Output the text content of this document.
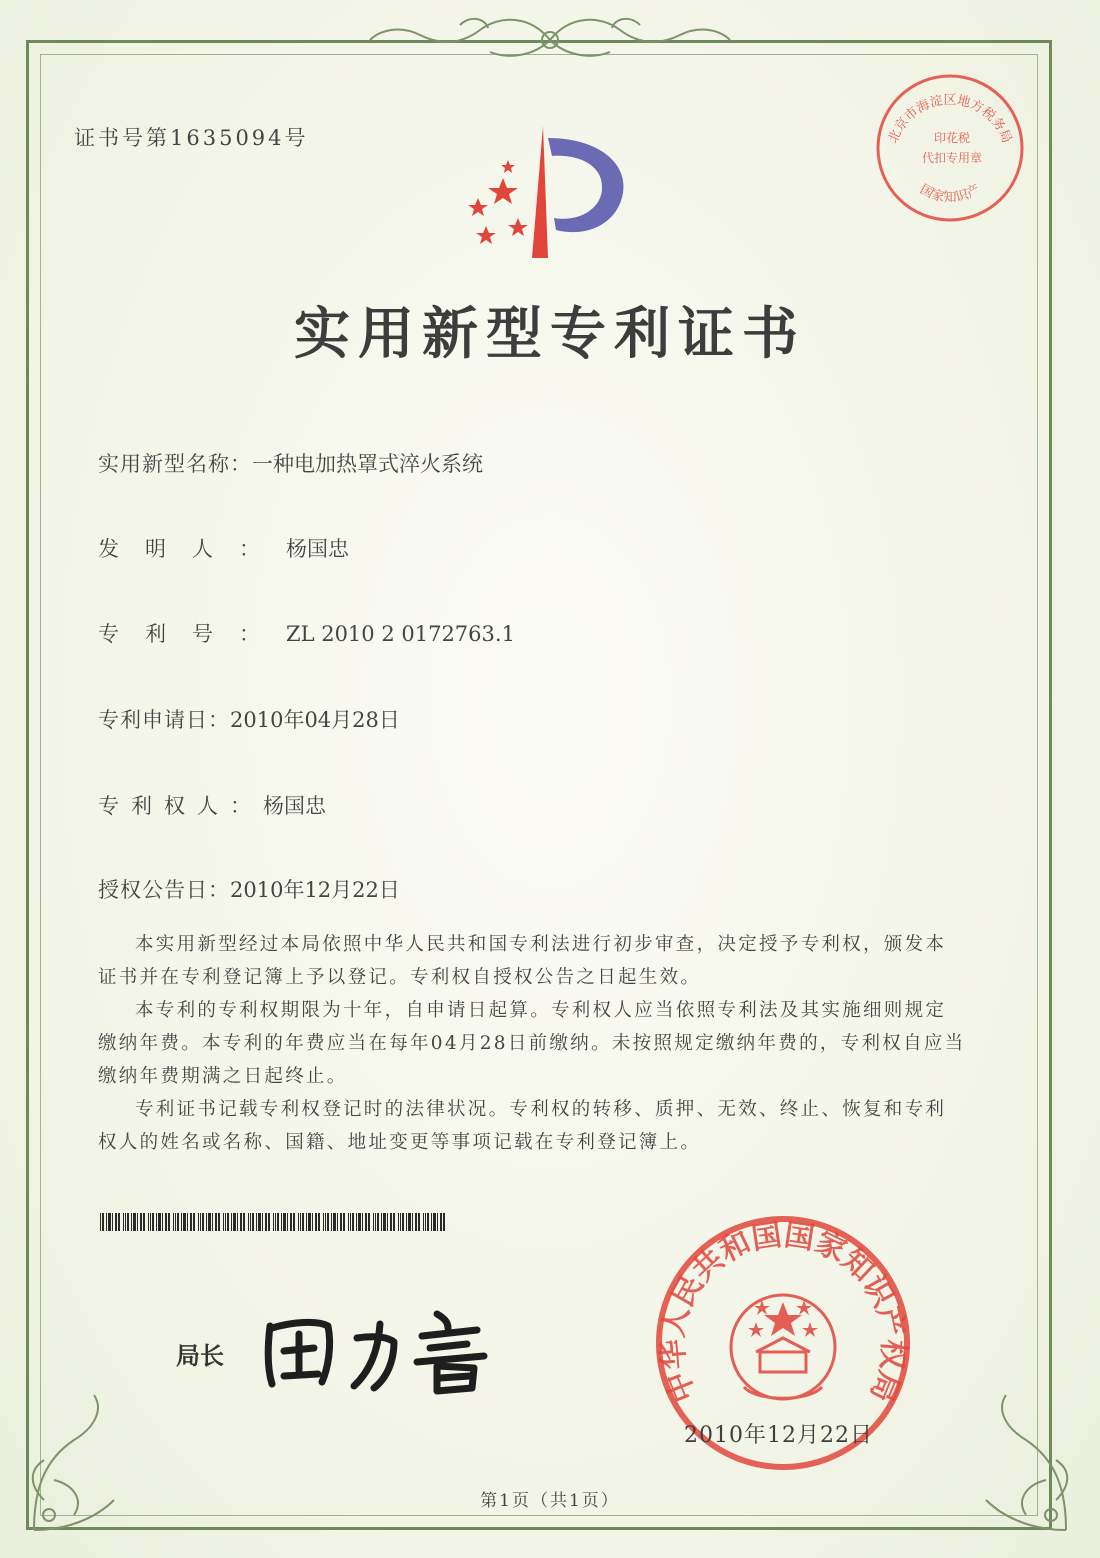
证书号第1635094号	北京市海淀区地方税务局
国家知识产
印花税
代扣专用章
实用新型专利证书
实用新型名称：一种电加热罩式淬火系统
发明人：杨国忠
专利号：ZL 2010 2 0172763.1
专利申请日：2010年04月28日
专利权人：杨国忠
授权公告日：2010年12月22日

本实用新型经过本局依照中华人民共和国专利法进行初步审查，决定授予专利权，颁发本证书并在专利登记簿上予以登记。专利权自授权公告之日起生效。

本专利的专利权期限为十年，自申请日起算。专利权人应当依照专利法及其实施细则规定缴纳年费。本专利的年费应当在每年04月28日前缴纳。未按照规定缴纳年费的，专利权自应当缴纳年费期满之日起终止。

专利证书记载专利权登记时的法律状况。专利权的转移、质押、无效、终止、恢复和专利权人的姓名或名称、国籍、地址变更等事项记载在专利登记簿上。

局长
中华人民共和国国家知识产权局
2010年12月22日
第1页（共1页）
